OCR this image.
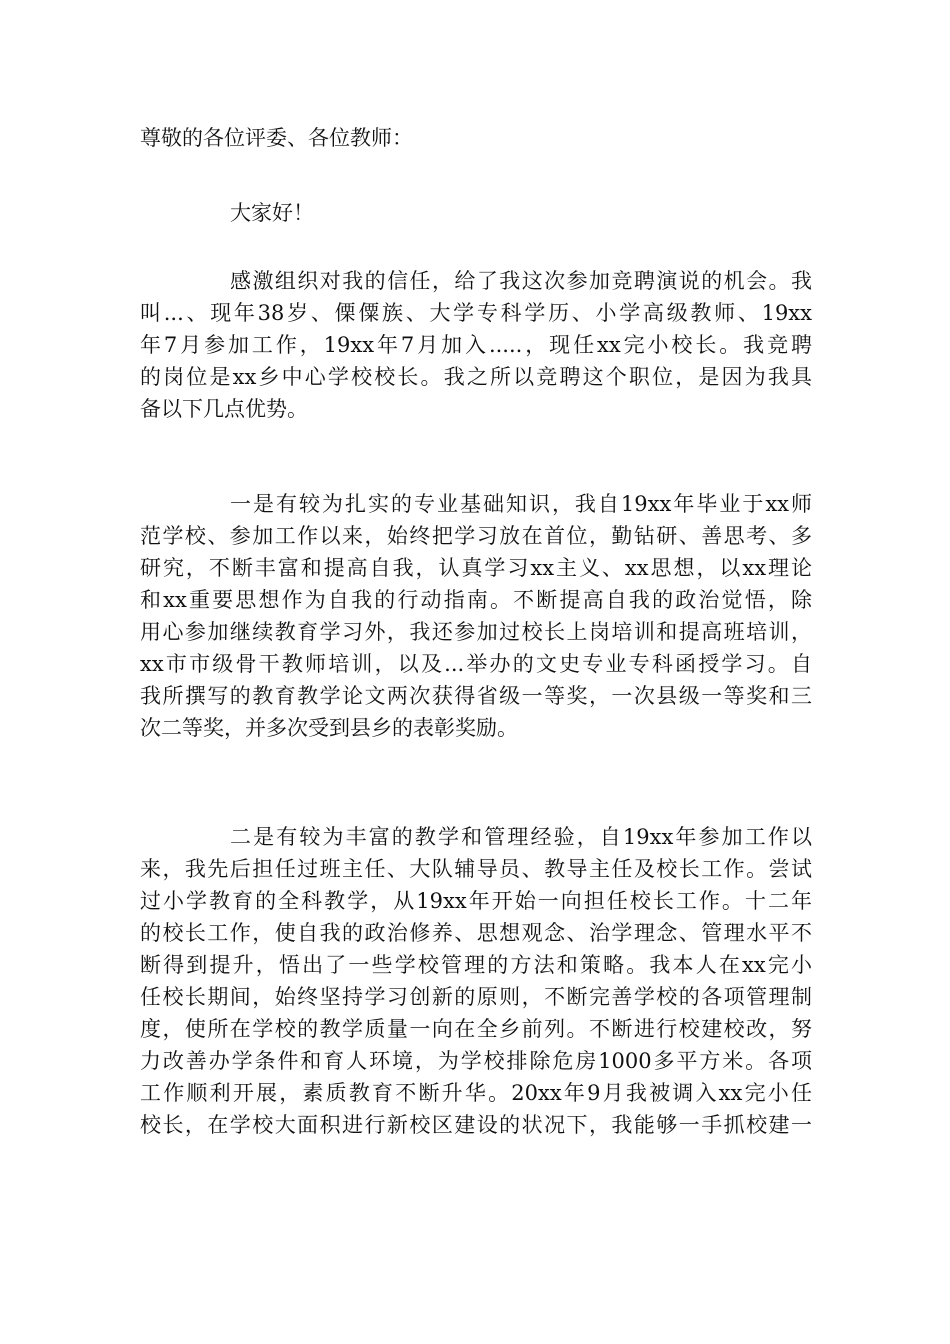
尊敬的各位评委、各位教师：
大家好！
感激组织对我的信任，给了我这次参加竞聘演说的机会。我
叫...、现年38岁、傈僳族、大学专科学历、小学高级教师、19xx
年7月参加工作，19xx年7月加入.....，现任xx完小校长。我竞聘
的岗位是xx乡中心学校校长。我之所以竞聘这个职位，是因为我具
备以下几点优势。
一是有较为扎实的专业基础知识，我自19xx年毕业于xx师
范学校、参加工作以来，始终把学习放在首位，勤钻研、善思考、多
研究，不断丰富和提高自我，认真学习xx主义、xx思想，以xx理论
和xx重要思想作为自我的行动指南。不断提高自我的政治觉悟，除
用心参加继续教育学习外，我还参加过校长上岗培训和提高班培训，
xx市市级骨干教师培训，以及...举办的文史专业专科函授学习。自
我所撰写的教育教学论文两次获得省级一等奖，一次县级一等奖和三
次二等奖，并多次受到县乡的表彰奖励。
二是有较为丰富的教学和管理经验，自19xx年参加工作以
来，我先后担任过班主任、大队辅导员、教导主任及校长工作。尝试
过小学教育的全科教学，从19xx年开始一向担任校长工作。十二年
的校长工作，使自我的政治修养、思想观念、治学理念、管理水平不
断得到提升，悟出了一些学校管理的方法和策略。我本人在xx完小
任校长期间，始终坚持学习创新的原则，不断完善学校的各项管理制
度，使所在学校的教学质量一向在全乡前列。不断进行校建校改，努
力改善办学条件和育人环境，为学校排除危房1000多平方米。各项
工作顺利开展，素质教育不断升华。20xx年9月我被调入xx完小任
校长，在学校大面积进行新校区建设的状况下，我能够一手抓校建一
